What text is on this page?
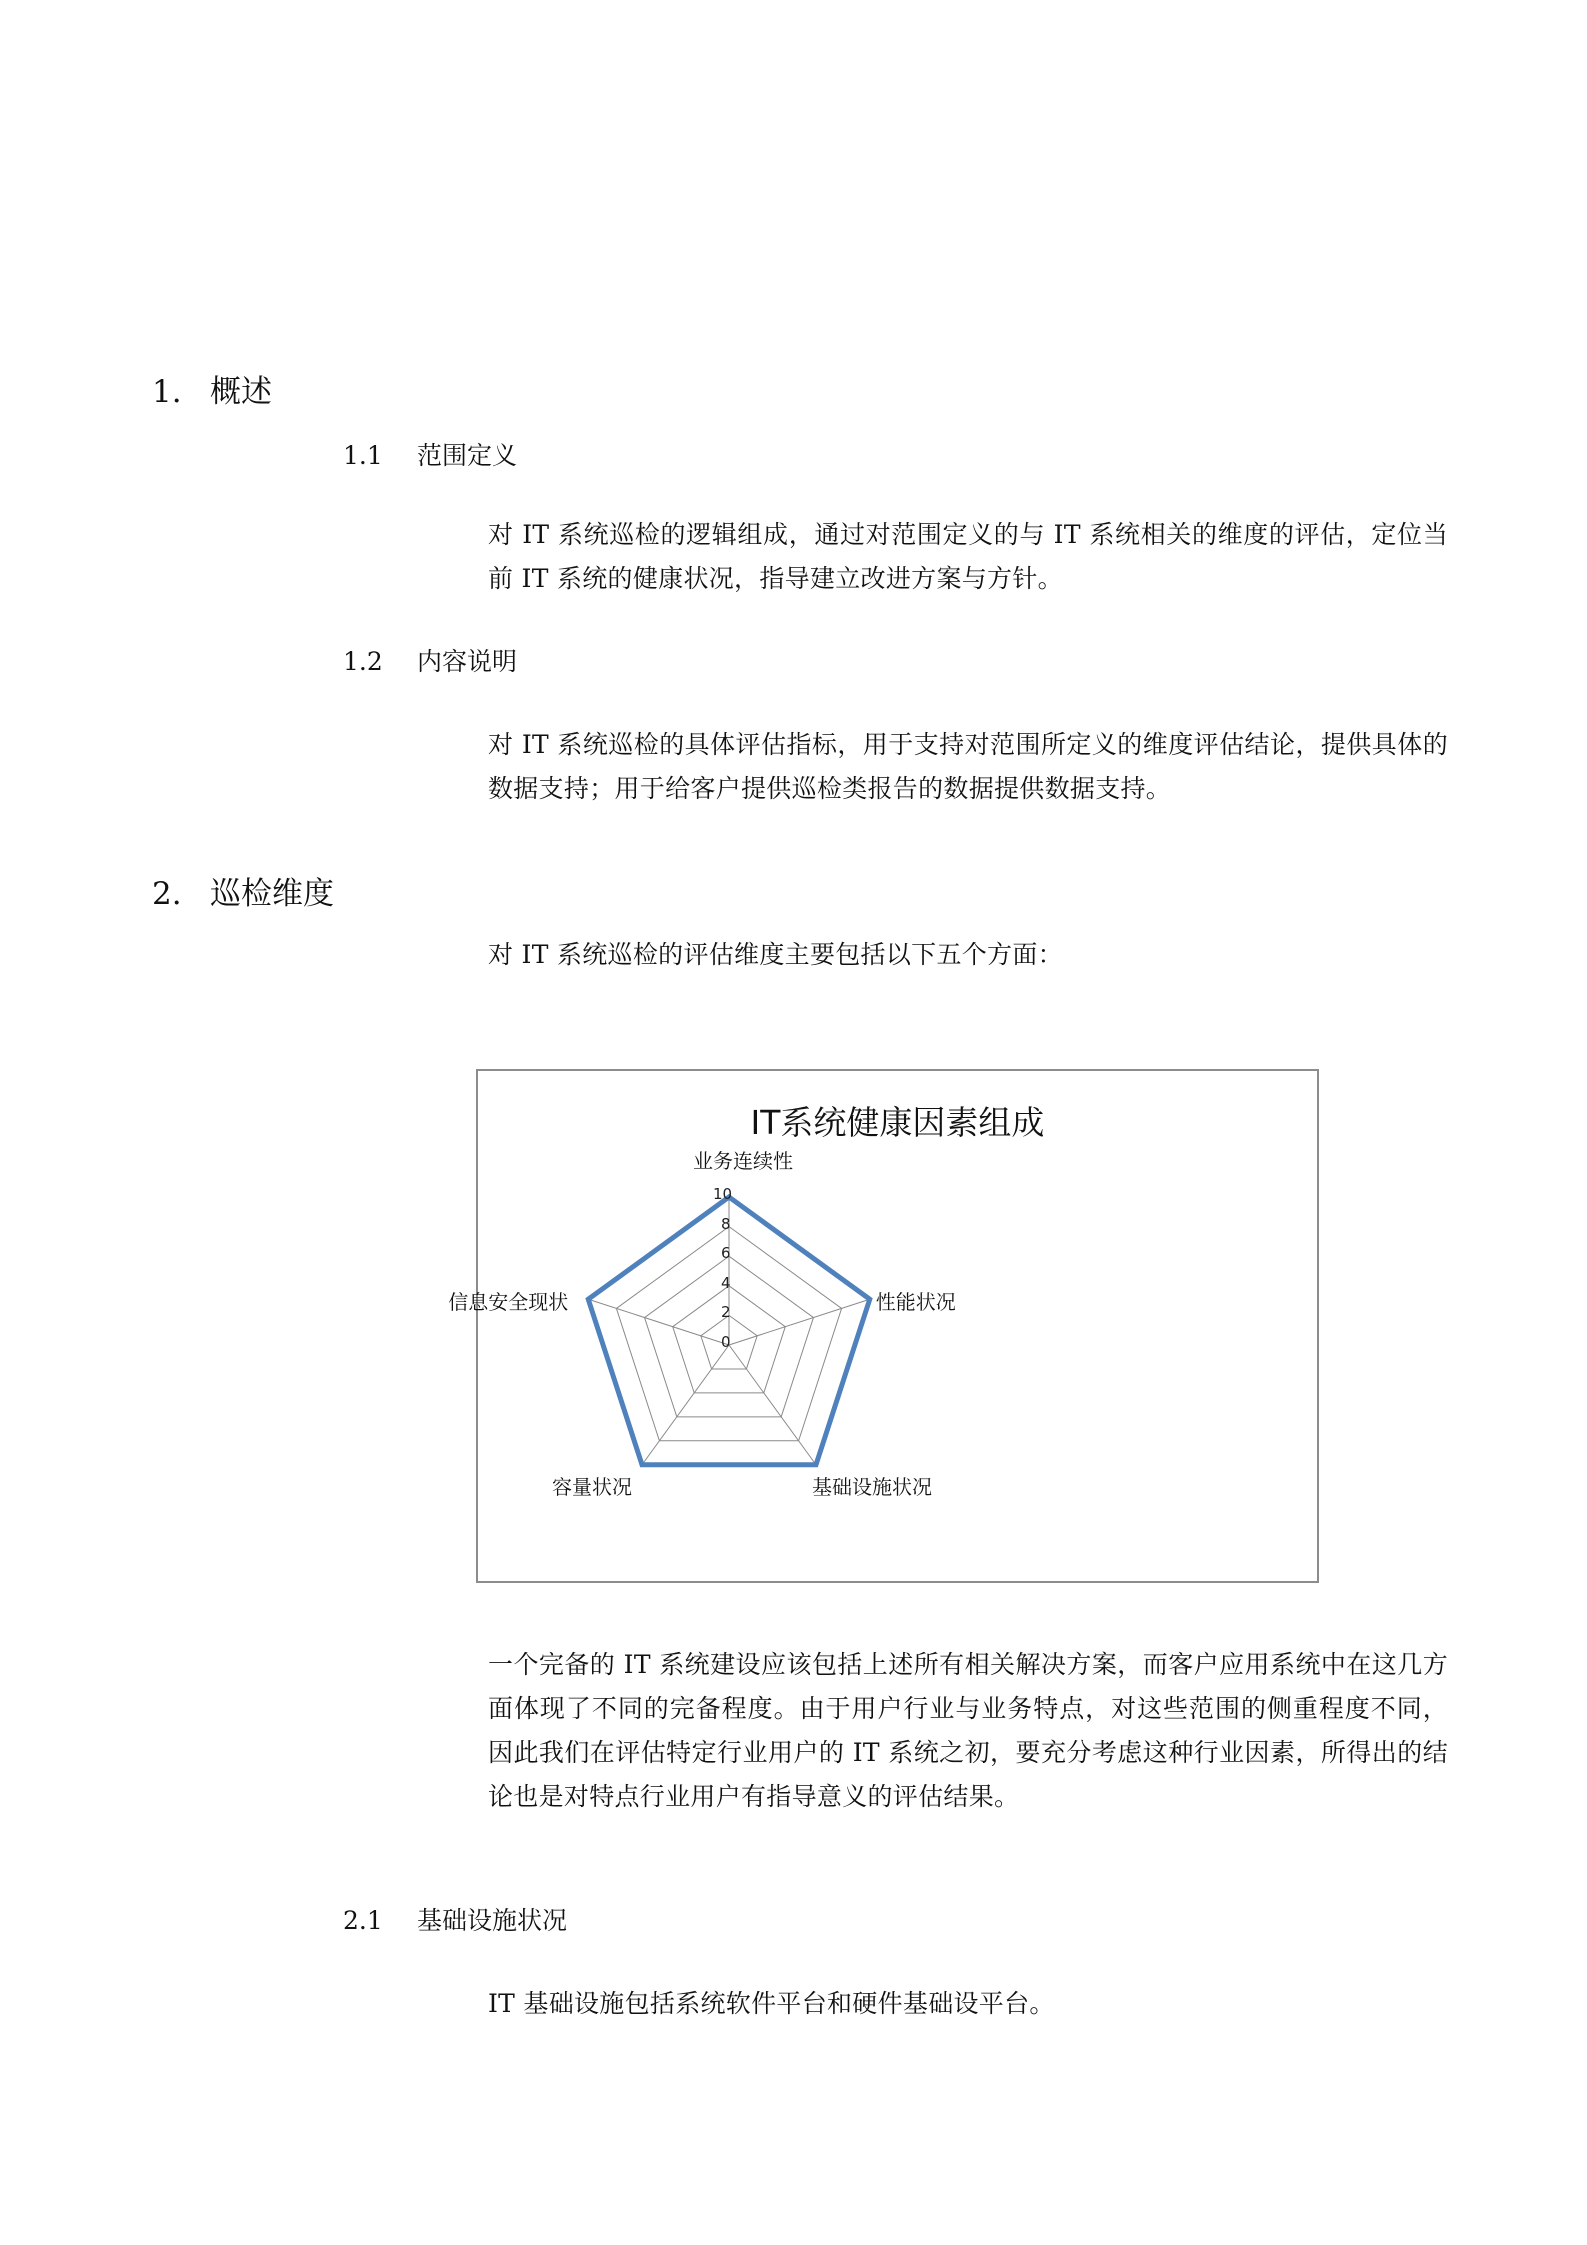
1. 概述
1.1 范围定义
对 IT 系统巡检的逻辑组成，通过对范围定义的与 IT 系统相关的维度的评估，定位当前 IT 系统的健康状况，指导建立改进方案与方针。
1.2 内容说明
对 IT 系统巡检的具体评估指标，用于支持对范围所定义的维度评估结论，提供具体的数据支持；用于给客户提供巡检类报告的数据提供数据支持。
2. 巡检维度
对 IT 系统巡检的评估维度主要包括以下五个方面：
IT系统健康因素组成
0
2
4
6
8
10
业务连续性
性能状况
基础设施状况
容量状况
信息安全现状
一个完备的 IT 系统建设应该包括上述所有相关解决方案，而客户应用系统中在这几方面体现了不同的完备程度。由于用户行业与业务特点，对这些范围的侧重程度不同，因此我们在评估特定行业用户的 IT 系统之初，要充分考虑这种行业因素，所得出的结论也是对特点行业用户有指导意义的评估结果。
2.1 基础设施状况
IT 基础设施包括系统软件平台和硬件基础设平台。
